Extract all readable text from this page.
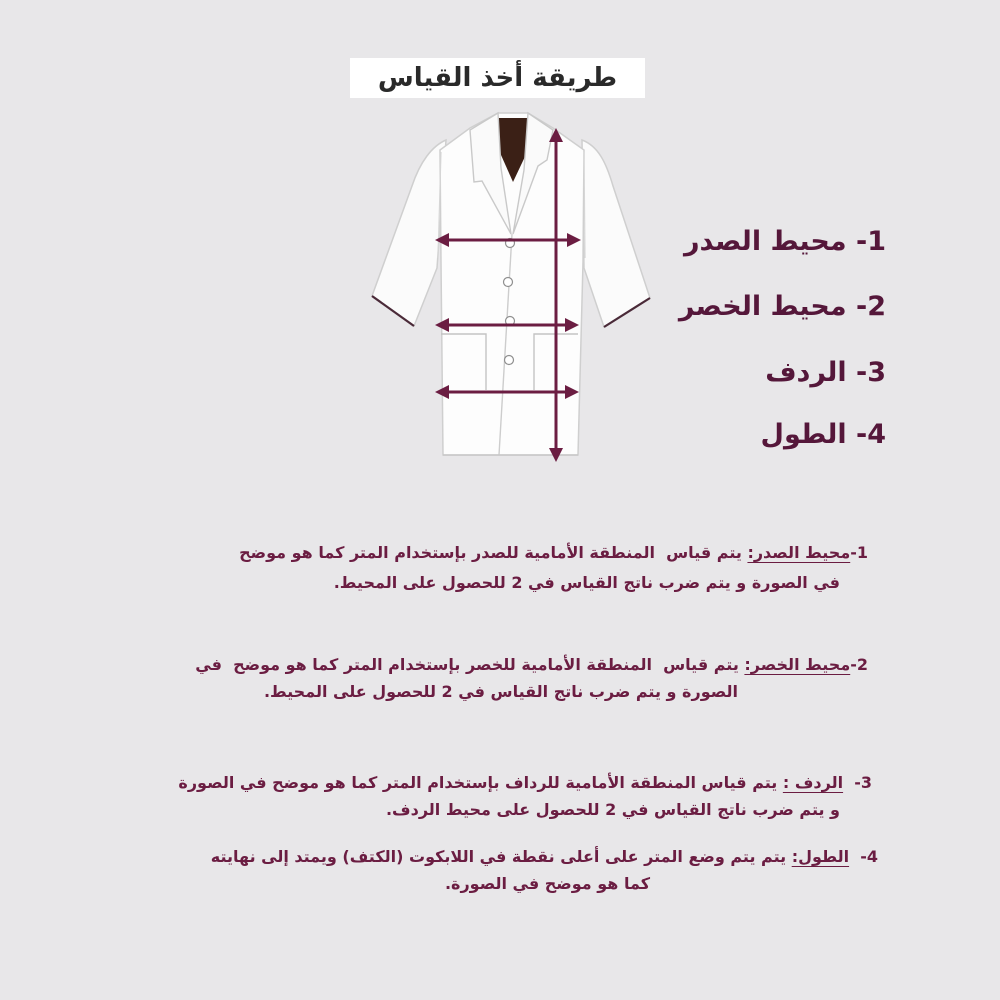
طريقة أخذ القياس
1- محيط الصدر
2- محيط الخصر
3- الردف
4- الطول
1-محيط الصدر: يتم قياس  المنطقة الأمامية للصدر بإستخدام المتر كما هو موضح
في الصورة و يتم ضرب ناتج القياس في 2 للحصول على المحيط.
2-محيط الخصر: يتم قياس  المنطقة الأمامية للخصر بإستخدام المتر كما هو موضح  في
الصورة و يتم ضرب ناتج القياس في 2 للحصول على المحيط.
3-  الردف : يتم قياس المنطقة الأمامية للرداف بإستخدام المتر كما هو موضح في الصورة
و يتم ضرب ناتج القياس في 2 للحصول على محيط الردف.
4-  الطول: يتم يتم وضع المتر على أعلى نقطة في اللابكوت (الكتف) ويمتد إلى نهايته
كما هو موضح في الصورة.
